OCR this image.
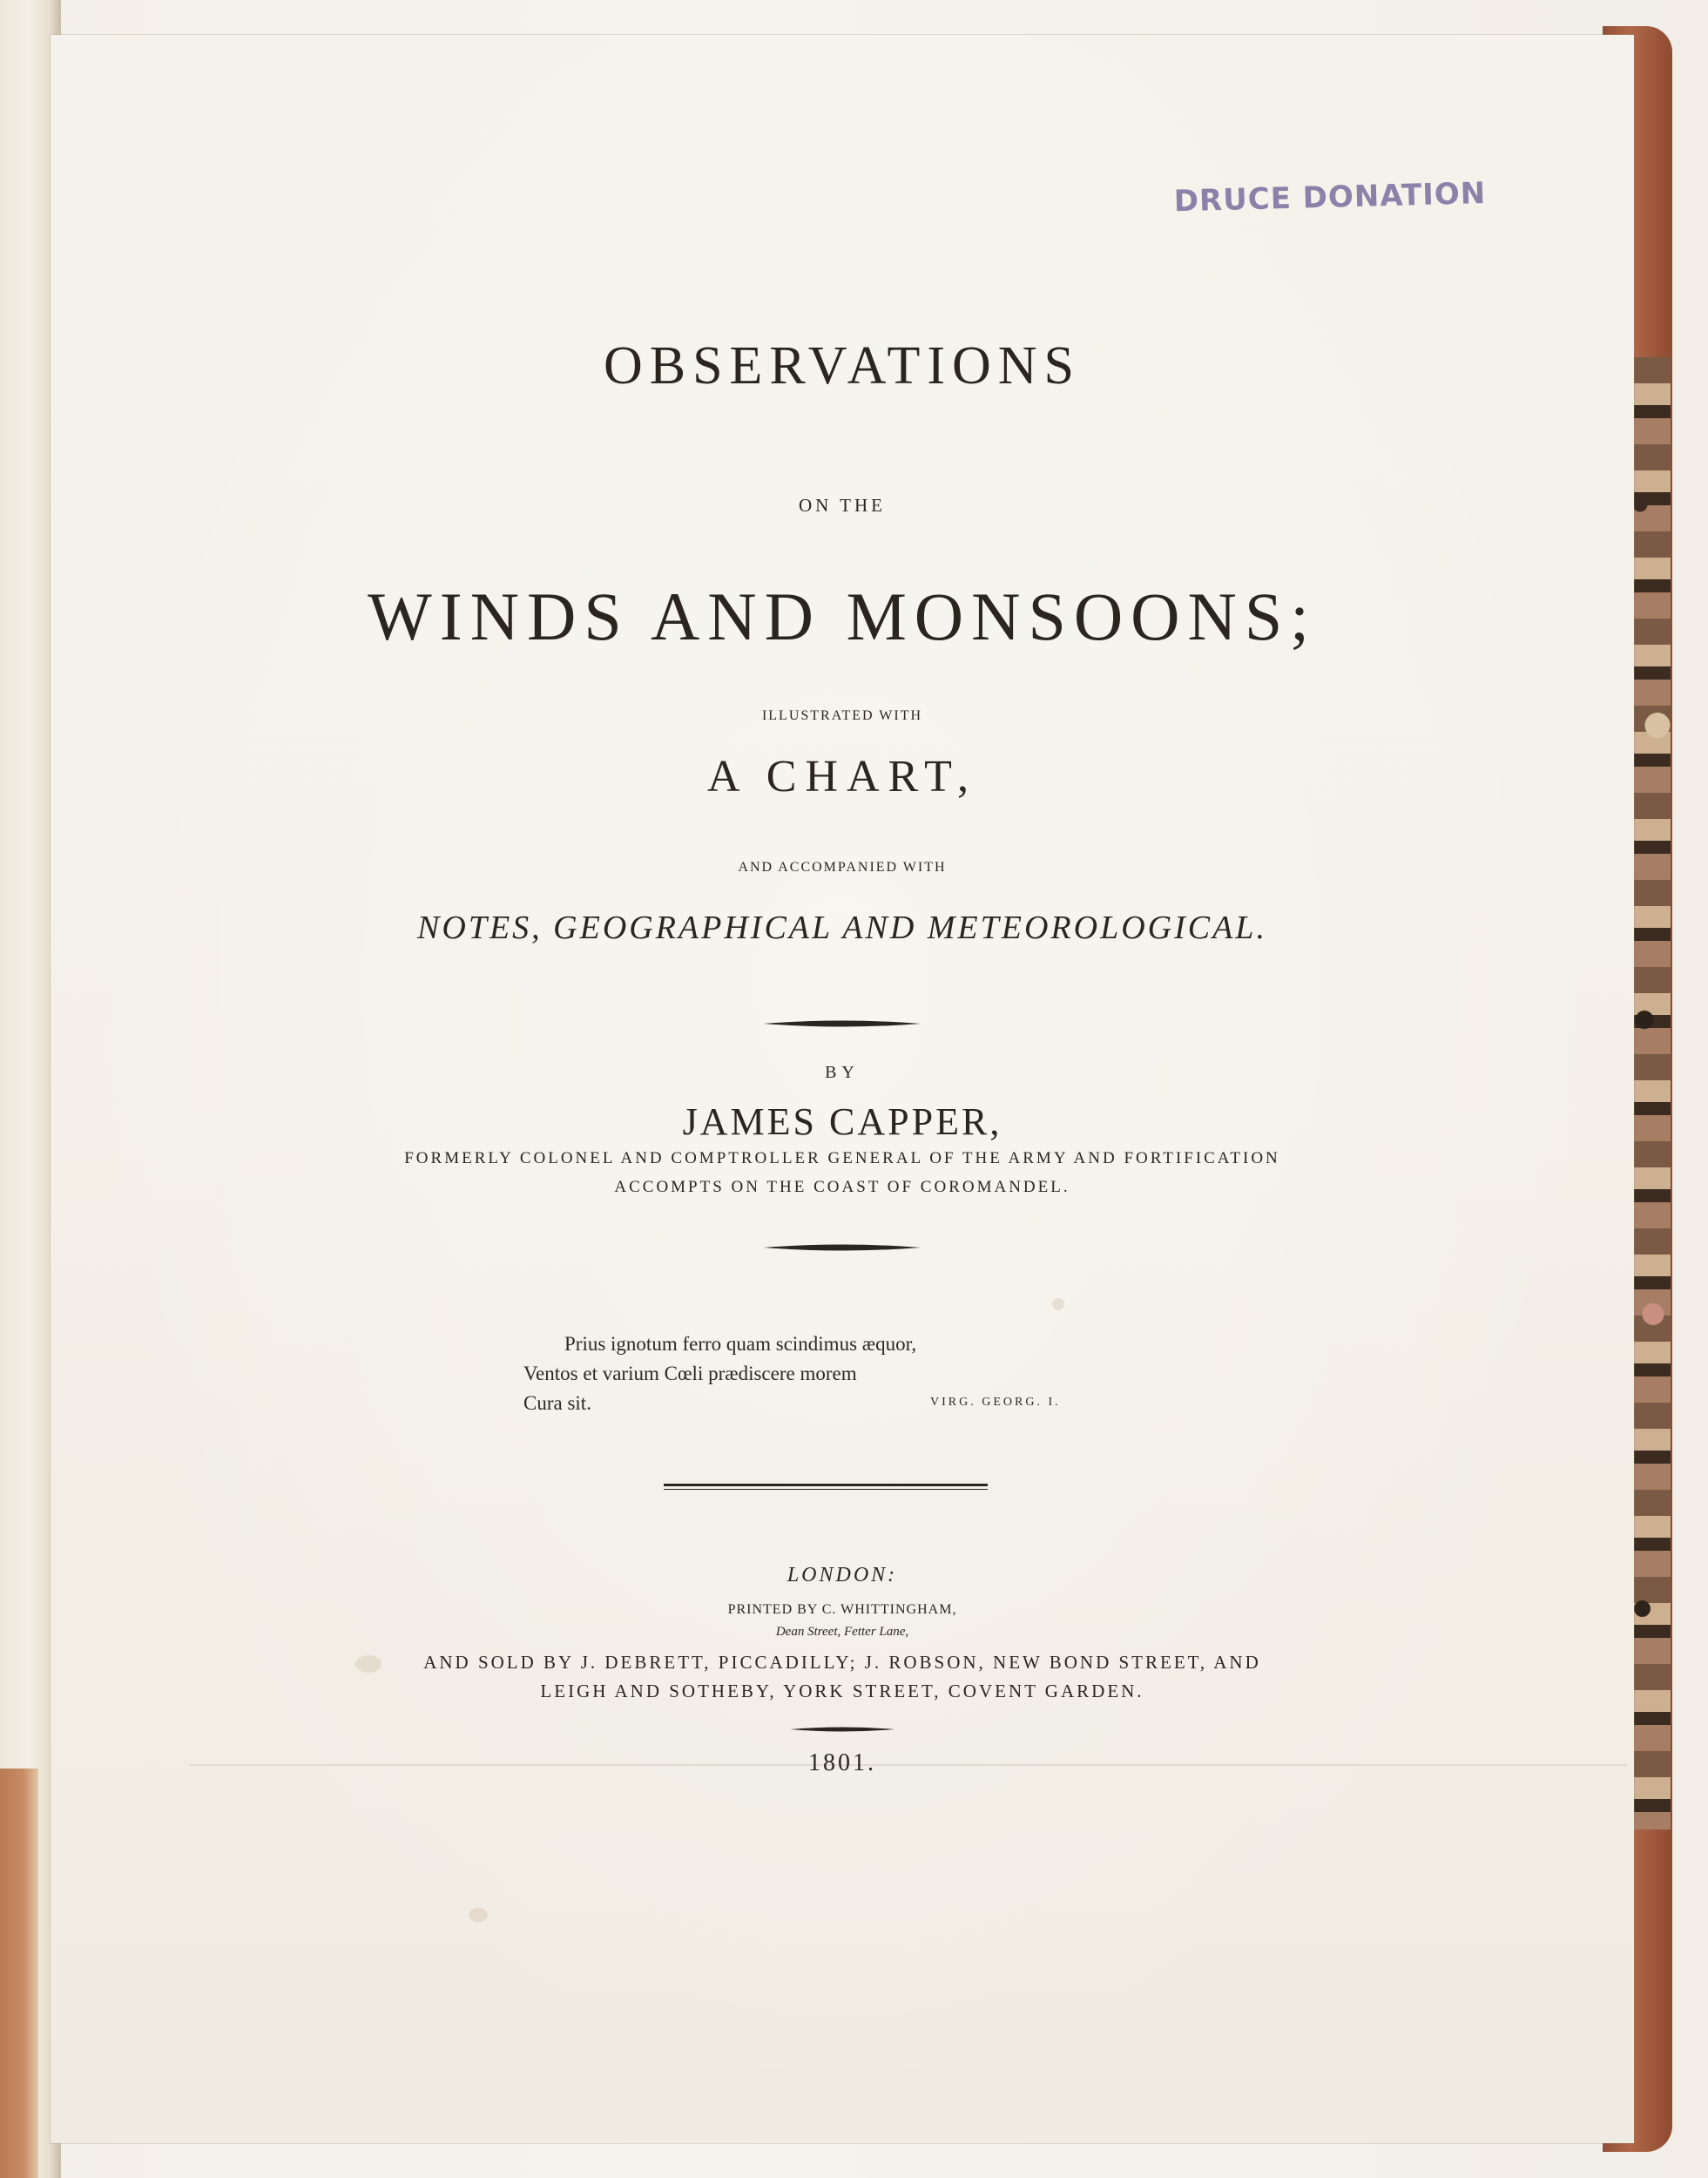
DRUCE DONATION
OBSERVATIONS
ON THE
WINDS AND MONSOONS;
ILLUSTRATED WITH
A CHART,
AND ACCOMPANIED WITH
NOTES, GEOGRAPHICAL AND METEOROLOGICAL.
BY
JAMES CAPPER,
FORMERLY COLONEL AND COMPTROLLER GENERAL OF THE ARMY AND FORTIFICATION
ACCOMPTS ON THE COAST OF COROMANDEL.
Prius ignotum ferro quam scindimus æquor,
Ventos et varium Cœli prædiscere morem
Cura sit.	VIRG. GEORG. I.
LONDON:
PRINTED BY C. WHITTINGHAM,
Dean Street, Fetter Lane,
AND SOLD BY J. DEBRETT, PICCADILLY; J. ROBSON, NEW BOND STREET, AND
LEIGH AND SOTHEBY, YORK STREET, COVENT GARDEN.
1801.
